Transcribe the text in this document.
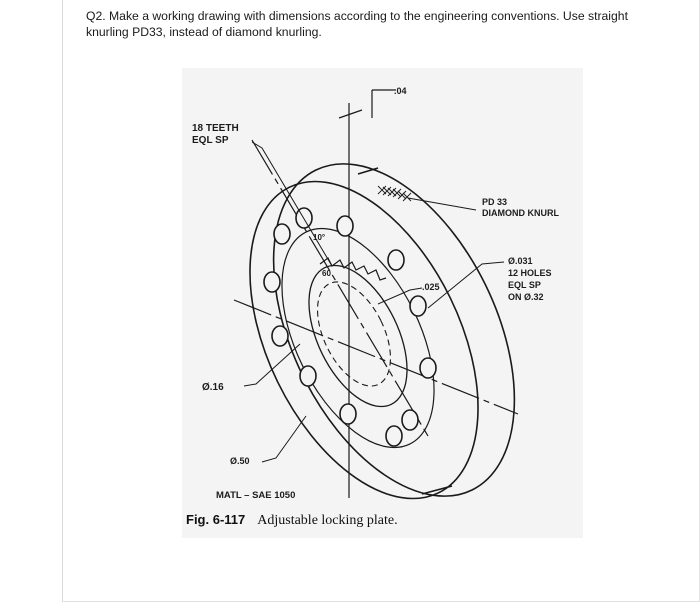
Q2. Make a working drawing with dimensions according to the engineering conventions. Use straight knurling PD33, instead of diamond knurling.

18 TEETH
EQL SP
.04
PD 33
DIAMOND KNURL
Ø.031
12 HOLES
EQL SP
ON Ø.32
10°
60
.025
Ø.16
Ø.50
MATL – SAE 1050
Fig. 6-117 Adjustable locking plate.
